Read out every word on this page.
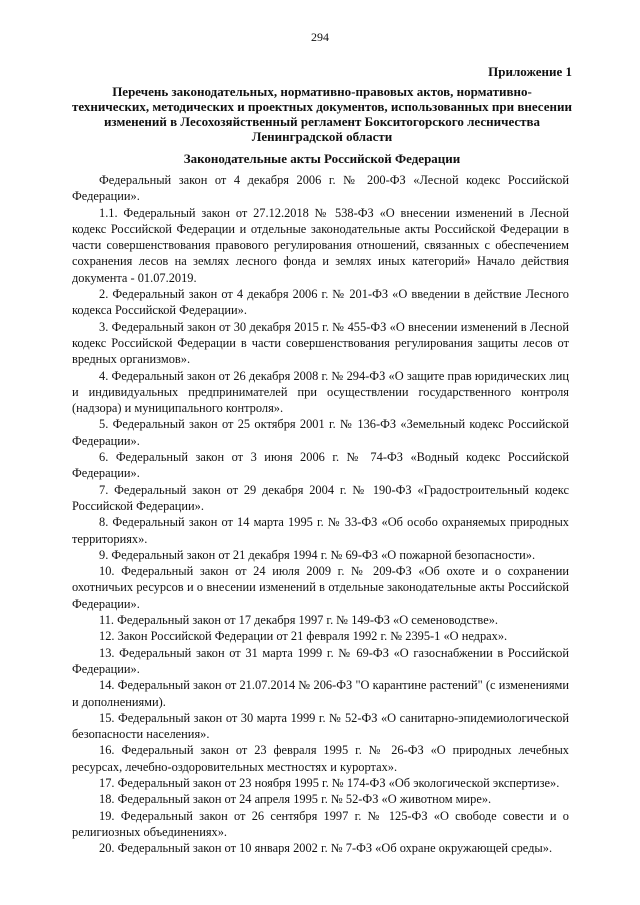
294
Приложение 1
Перечень законодательных, нормативно-правовых актов, нормативно-
технических, методических и проектных документов, использованных при внесении
изменений в Лесохозяйственный регламент Бокситогорского лесничества
Ленинградской области
Законодательные акты Российской Федерации

Федеральный закон от 4 декабря 2006 г. № 200-ФЗ «Лесной кодекс Российской Федерации».

1.1. Федеральный закон от 27.12.2018 № 538-ФЗ «О внесении изменений в Лесной кодекс Российской Федерации и отдельные законодательные акты Российской Федерации в части совершенствования правового регулирования отношений, связанных с обеспечением сохранения лесов на землях лесного фонда и землях иных категорий» Начало действия документа - 01.07.2019.

2. Федеральный закон от 4 декабря 2006 г. № 201-ФЗ «О введении в действие Лесного кодекса Российской Федерации».

3. Федеральный закон от 30 декабря 2015 г. № 455-ФЗ «О внесении изменений в Лесной кодекс Российской Федерации в части совершенствования регулирования защиты лесов от вредных организмов».

4. Федеральный закон от 26 декабря 2008 г. № 294-ФЗ «О защите прав юридических лиц и индивидуальных предпринимателей при осуществлении государственного контроля (надзора) и муниципального контроля».

5. Федеральный закон от 25 октября 2001 г. № 136-ФЗ «Земельный кодекс Российской Федерации».

6. Федеральный закон от 3 июня 2006 г. № 74-ФЗ «Водный кодекс Российской Федерации».

7. Федеральный закон от 29 декабря 2004 г. № 190-ФЗ «Градостроительный кодекс Российской Федерации».

8. Федеральный закон от 14 марта 1995 г. № 33-ФЗ «Об особо охраняемых природных территориях».

9. Федеральный закон от 21 декабря 1994 г. № 69-ФЗ «О пожарной безопасности».

10. Федеральный закон от 24 июля 2009 г. № 209-ФЗ «Об охоте и о сохранении охотничьих ресурсов и о внесении изменений в отдельные законодательные акты Российской Федерации».

11. Федеральный закон от 17 декабря 1997 г. № 149-ФЗ «О семеноводстве».

12. Закон Российской Федерации от 21 февраля 1992 г. № 2395-1 «О недрах».

13. Федеральный закон от 31 марта 1999 г. № 69-ФЗ «О газоснабжении в Российской Федерации».

14. Федеральный закон от 21.07.2014 № 206-ФЗ "О карантине растений" (с изменениями и дополнениями).

15. Федеральный закон от 30 марта 1999 г. № 52-ФЗ «О санитарно-эпидемиологической безопасности населения».

16. Федеральный закон от 23 февраля 1995 г. № 26-ФЗ «О природных лечебных ресурсах, лечебно-оздоровительных местностях и курортах».

17. Федеральный закон от 23 ноября 1995 г. № 174-ФЗ «Об экологической экспертизе».

18. Федеральный закон от 24 апреля 1995 г. № 52-ФЗ «О животном мире».

19. Федеральный закон от 26 сентября 1997 г. № 125-ФЗ «О свободе совести и о религиозных объединениях».

20. Федеральный закон от 10 января 2002 г. № 7-ФЗ «Об охране окружающей среды».
